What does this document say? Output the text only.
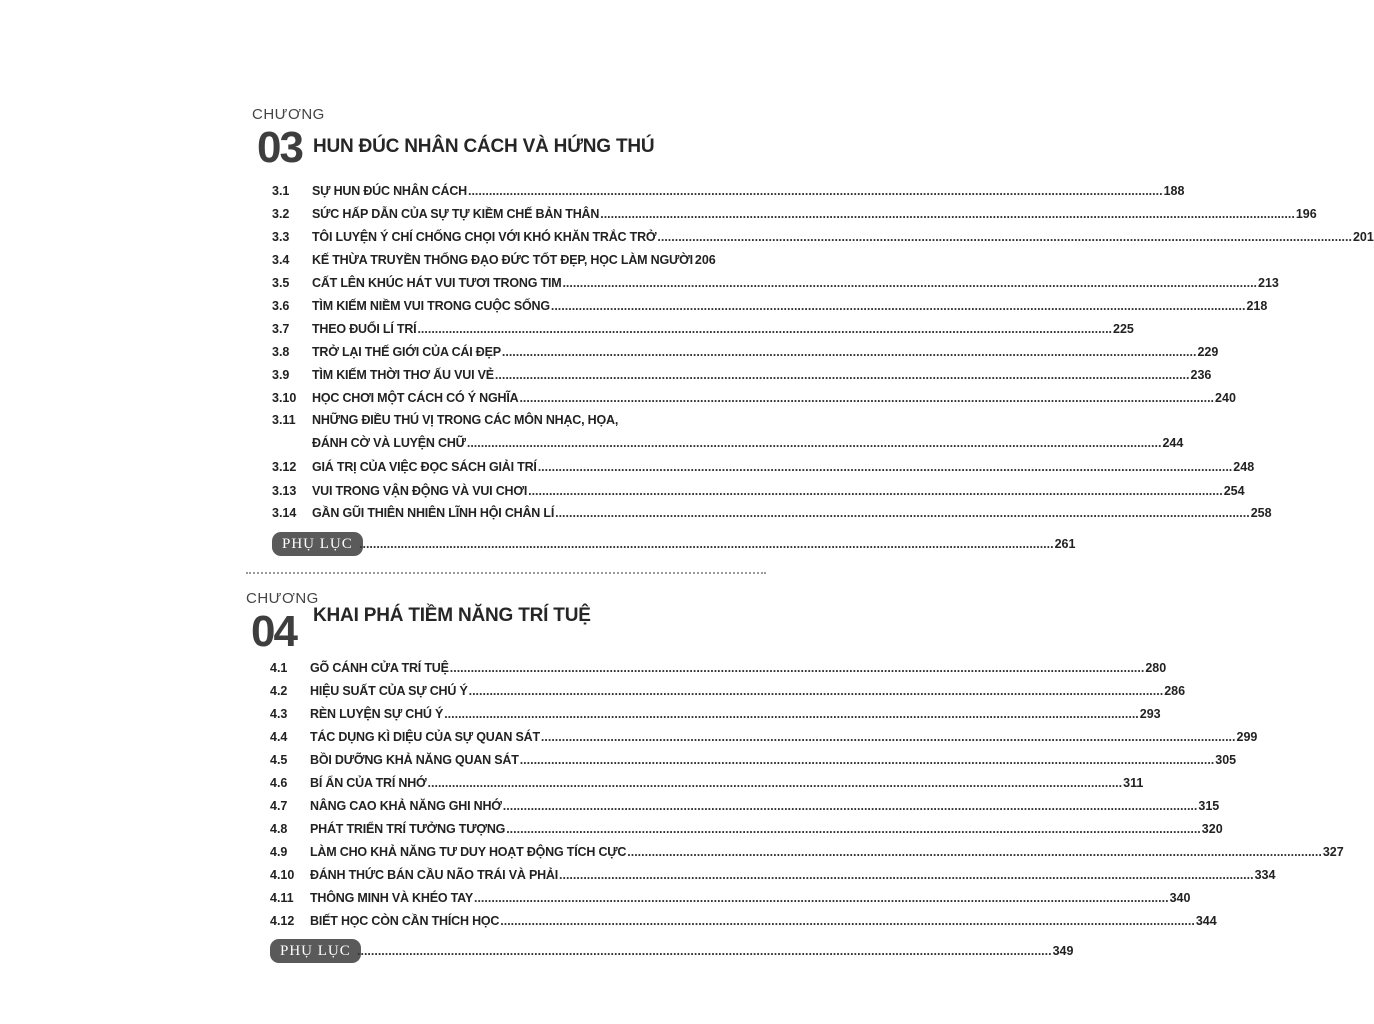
CHƯƠNG
03 HUN ĐÚC NHÂN CÁCH VÀ HỨNG THÚ
3.1 SỰ HUN ĐÚC NHÂN CÁCH ........................................................................................................................................................................................................ 188
3.2 SỨC HẤP DẪN CỦA SỰ TỰ KIỀM CHẾ BẢN THÂN ........................................................................................................................................................................................................ 196
3.3 TÔI LUYỆN Ý CHÍ CHỐNG CHỌI VỚI KHÓ KHĂN TRẮC TRỞ ........................................................................................................................................................................................................ 201
3.4 KẾ THỪA TRUYỀN THỐNG ĐẠO ĐỨC TỐT ĐẸP, HỌC LÀM NGƯỜI 206
3.5 CẤT LÊN KHÚC HÁT VUI TƯƠI TRONG TIM ........................................................................................................................................................................................................ 213
3.6 TÌM KIẾM NIỀM VUI TRONG CUỘC SỐNG ........................................................................................................................................................................................................ 218
3.7 THEO ĐUỔI LÍ TRÍ ........................................................................................................................................................................................................ 225
3.8 TRỞ LẠI THẾ GIỚI CỦA CÁI ĐẸP ........................................................................................................................................................................................................ 229
3.9 TÌM KIẾM THỜI THƠ ẤU VUI VẺ ........................................................................................................................................................................................................ 236
3.10 HỌC CHƠI MỘT CÁCH CÓ Ý NGHĨA ........................................................................................................................................................................................................ 240
3.11 NHỮNG ĐIỀU THÚ VỊ TRONG CÁC MÔN NHẠC, HỌA,
ĐÁNH CỜ VÀ LUYỆN CHỮ ........................................................................................................................................................................................................ 244
3.12 GIÁ TRỊ CỦA VIỆC ĐỌC SÁCH GIẢI TRÍ ........................................................................................................................................................................................................ 248
3.13 VUI TRONG VẬN ĐỘNG VÀ VUI CHƠI ........................................................................................................................................................................................................ 254
3.14 GẦN GŨI THIÊN NHIÊN LĨNH HỘI CHÂN LÍ ........................................................................................................................................................................................................ 258
PHỤ LỤC ........................................................................................................................................................................................................ 261
CHƯƠNG
04 KHAI PHÁ TIỀM NĂNG TRÍ TUỆ
4.1 GÕ CÁNH CỬA TRÍ TUỆ ........................................................................................................................................................................................................ 280
4.2 HIỆU SUẤT CỦA SỰ CHÚ Ý ........................................................................................................................................................................................................ 286
4.3 RÈN LUYỆN SỰ CHÚ Ý ........................................................................................................................................................................................................ 293
4.4 TÁC DỤNG KÌ DIỆU CỦA SỰ QUAN SÁT ........................................................................................................................................................................................................ 299
4.5 BỒI DƯỠNG KHẢ NĂNG QUAN SÁT ........................................................................................................................................................................................................ 305
4.6 BÍ ẨN CỦA TRÍ NHỚ ........................................................................................................................................................................................................ 311
4.7 NÂNG CAO KHẢ NĂNG GHI NHỚ ........................................................................................................................................................................................................ 315
4.8 PHÁT TRIỂN TRÍ TƯỞNG TƯỢNG ........................................................................................................................................................................................................ 320
4.9 LÀM CHO KHẢ NĂNG TƯ DUY HOẠT ĐỘNG TÍCH CỰC ........................................................................................................................................................................................................ 327
4.10 ĐÁNH THỨC BÁN CẦU NÃO TRÁI VÀ PHẢI ........................................................................................................................................................................................................ 334
4.11 THÔNG MINH VÀ KHÉO TAY ........................................................................................................................................................................................................ 340
4.12 BIẾT HỌC CÒN CẦN THÍCH HỌC ........................................................................................................................................................................................................ 344
PHỤ LỤC ........................................................................................................................................................................................................ 349
